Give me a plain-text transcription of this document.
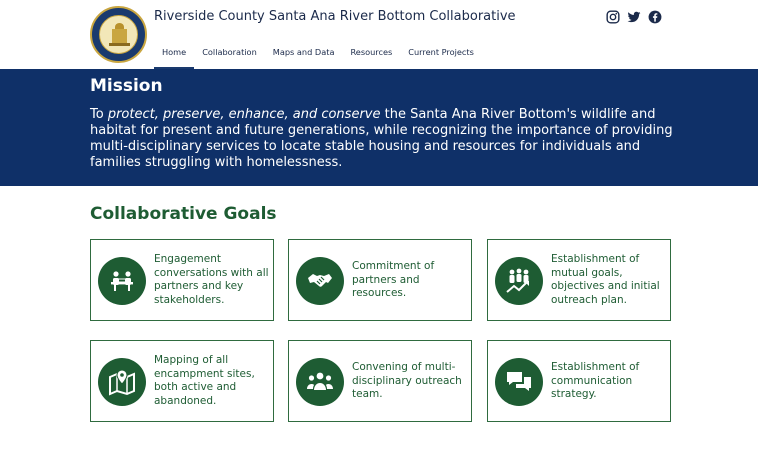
Riverside County Santa Ana River Bottom Collaborative
Home	Collaboration	Maps and Data	Resources	Current Projects
Mission
To protect, preserve, enhance, and conserve the Santa Ana River Bottom's wildlife and habitat for present and future generations, while recognizing the importance of providing multi-disciplinary services to locate stable housing and resources for individuals and families struggling with homelessness.
Collaborative Goals
Engagement conversations with all partners and key stakeholders.
Commitment of partners and resources.
Establishment of mutual goals, objectives and initial outreach plan.
Mapping of all encampment sites, both active and abandoned.
Convening of multi-disciplinary outreach team.
Establishment of communication strategy.
